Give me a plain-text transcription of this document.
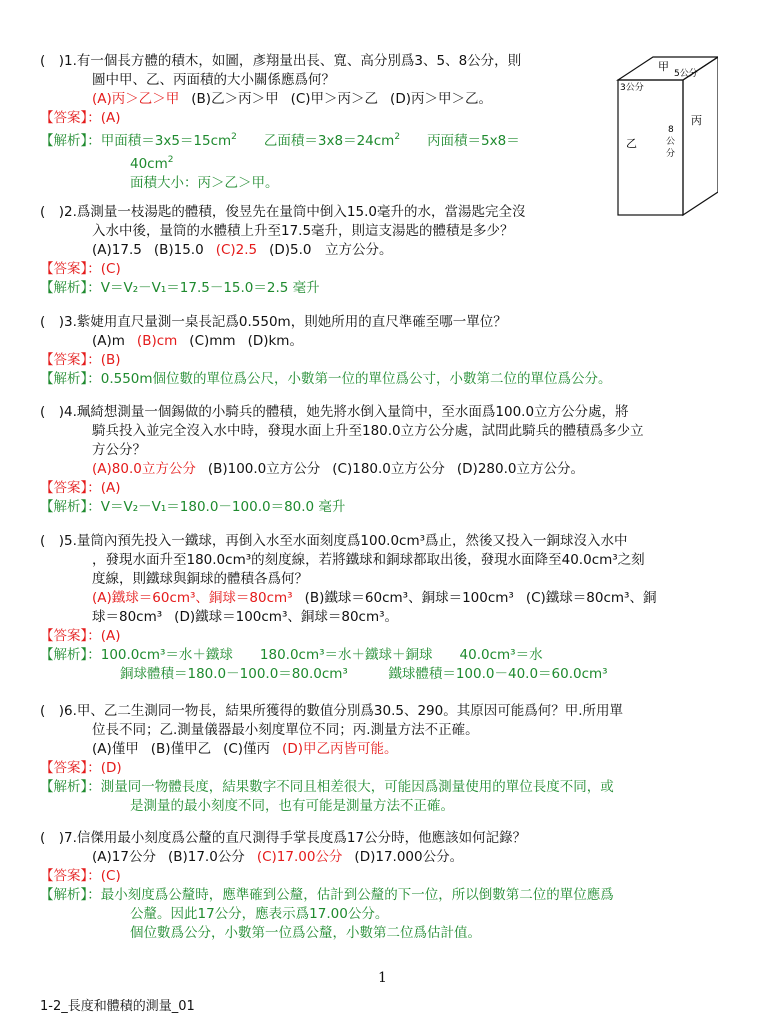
(　)1.有一個長方體的積木，如圖，彥翔量出長、寬、高分別爲3、5、8公分，則
圖中甲、乙、丙面積的大小關係應爲何？
(A)丙＞乙＞甲 (B)乙＞丙＞甲 (C)甲＞丙＞乙 (D)丙＞甲＞乙。
【答案】：(A)
【解析】：甲面積$=3x5=15cm^2$　　 乙面積$=3x8=24cm^2$　　 丙面積＝5x8＝
$40cm^2$
面積大小：丙＞乙＞甲。
甲
3公分
5公分
乙
丙
8
公
分
(　)2.爲測量一枝湯匙的體積，俊昱先在量筒中倒入15.0毫升的水，當湯匙完全沒
入水中後，量筒的水體積上升至17.5毫升，則這支湯匙的體積是多少？
(A)17.5 (B)15.0 (C)2.5 (D)5.0　立方公分。
【答案】：(C)
【解析】：V＝V₂－V₁＝17.5－15.0＝2.5 毫升
(　)3.紫婕用直尺量測一桌長記爲0.550m，則她所用的直尺準確至哪一單位？
(A)m (B)cm (C)mm (D)km。
【答案】：(B)
【解析】：0.550m個位數的單位爲公尺，小數第一位的單位爲公寸，小數第二位的單位爲公分。
(　)4.珮綺想測量一個錫做的小騎兵的體積，她先將水倒入量筒中，至水面爲100.0立方公分處，將
騎兵投入並完全沒入水中時，發現水面上升至180.0立方公分處，試問此騎兵的體積爲多少立
方公分？
(A)80.0立方公分 (B)100.0立方公分 (C)180.0立方公分 (D)280.0立方公分。
【答案】：(A)
【解析】：V＝V₂－V₁＝180.0－100.0＝80.0 毫升
(　)5.量筒內預先投入一鐵球，再倒入水至水面刻度爲100.0cm³爲止，然後又投入一銅球沒入水中
，發現水面升至180.0cm³的刻度線，若將鐵球和銅球都取出後，發現水面降至40.0cm³之刻
度線，則鐵球與銅球的體積各爲何？
(A)鐵球＝60cm³、銅球＝80cm³ (B)鐵球＝60cm³、銅球＝100cm³ (C)鐵球＝80cm³、銅
球＝80cm³ (D)鐵球＝100cm³、銅球＝80cm³。
【答案】：(A)
【解析】：100.0cm³＝水＋鐵球　　 180.0cm³＝水＋鐵球＋銅球　　 40.0cm³＝水
銅球體積＝180.0－100.0＝80.0cm³　　　	鐵球體積＝100.0－40.0＝60.0cm³
(　)6.甲、乙二生測同一物長，結果所獲得的數值分別爲30.5、290。其原因可能爲何？甲.所用單
位長不同；乙.測量儀器最小刻度單位不同；丙.測量方法不正確。
(A)僅甲 (B)僅甲乙 (C)僅丙 (D)甲乙丙皆可能。
【答案】：(D)
【解析】：測量同一物體長度，結果數字不同且相差很大，可能因爲測量使用的單位長度不同，或
是測量的最小刻度不同，也有可能是測量方法不正確。
(　)7.信傑用最小刻度爲公釐的直尺測得手掌長度爲17公分時，他應該如何記錄？
(A)17公分 (B)17.0公分 (C)17.00公分 (D)17.000公分。
【答案】：(C)
【解析】：最小刻度爲公釐時，應準確到公釐，估計到公釐的下一位，所以倒數第二位的單位應爲
公釐。因此17公分，應表示爲17.00公分。
個位數爲公分，小數第一位爲公釐，小數第二位爲估計值。
1
1-2_長度和體積的測量_01
